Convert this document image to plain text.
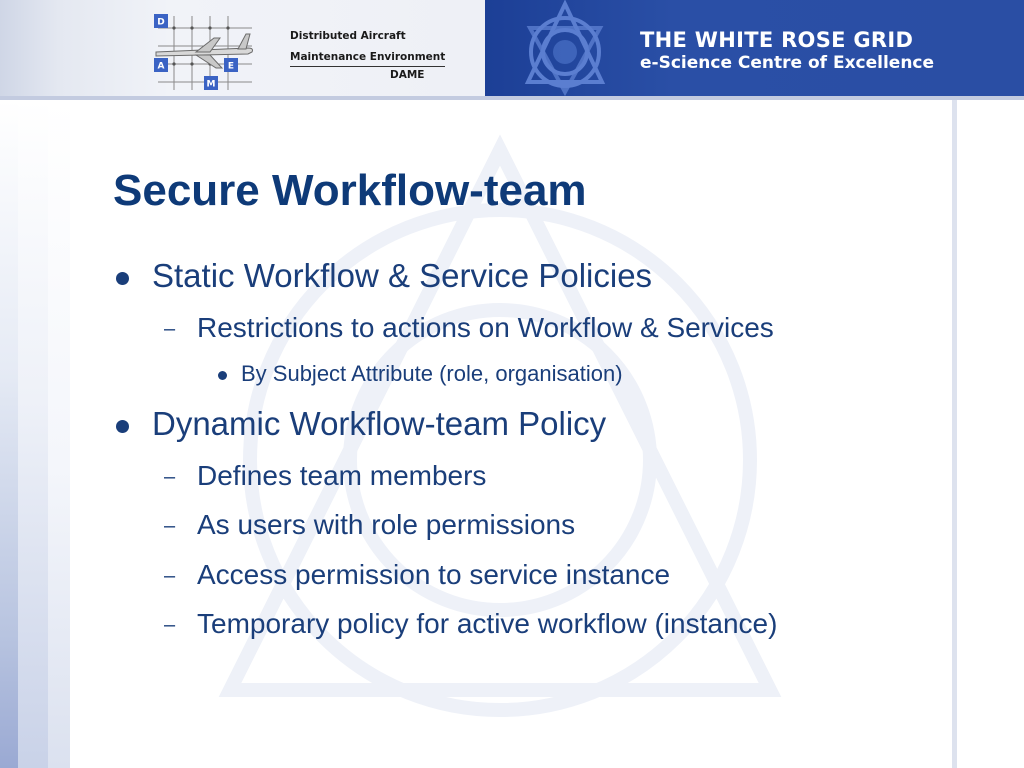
D
A	E
M
Distributed Aircraft
Maintenance Environment
DAME
THE WHITE ROSE GRID
e-Science Centre of Excellence
Secure Workflow-team
Static Workflow & Service Policies
– Restrictions to actions on Workflow & Services
By Subject Attribute (role, organisation)
Dynamic Workflow-team Policy
– Defines team members
– As users with role permissions
– Access permission to service instance
– Temporary policy for active workflow (instance)
